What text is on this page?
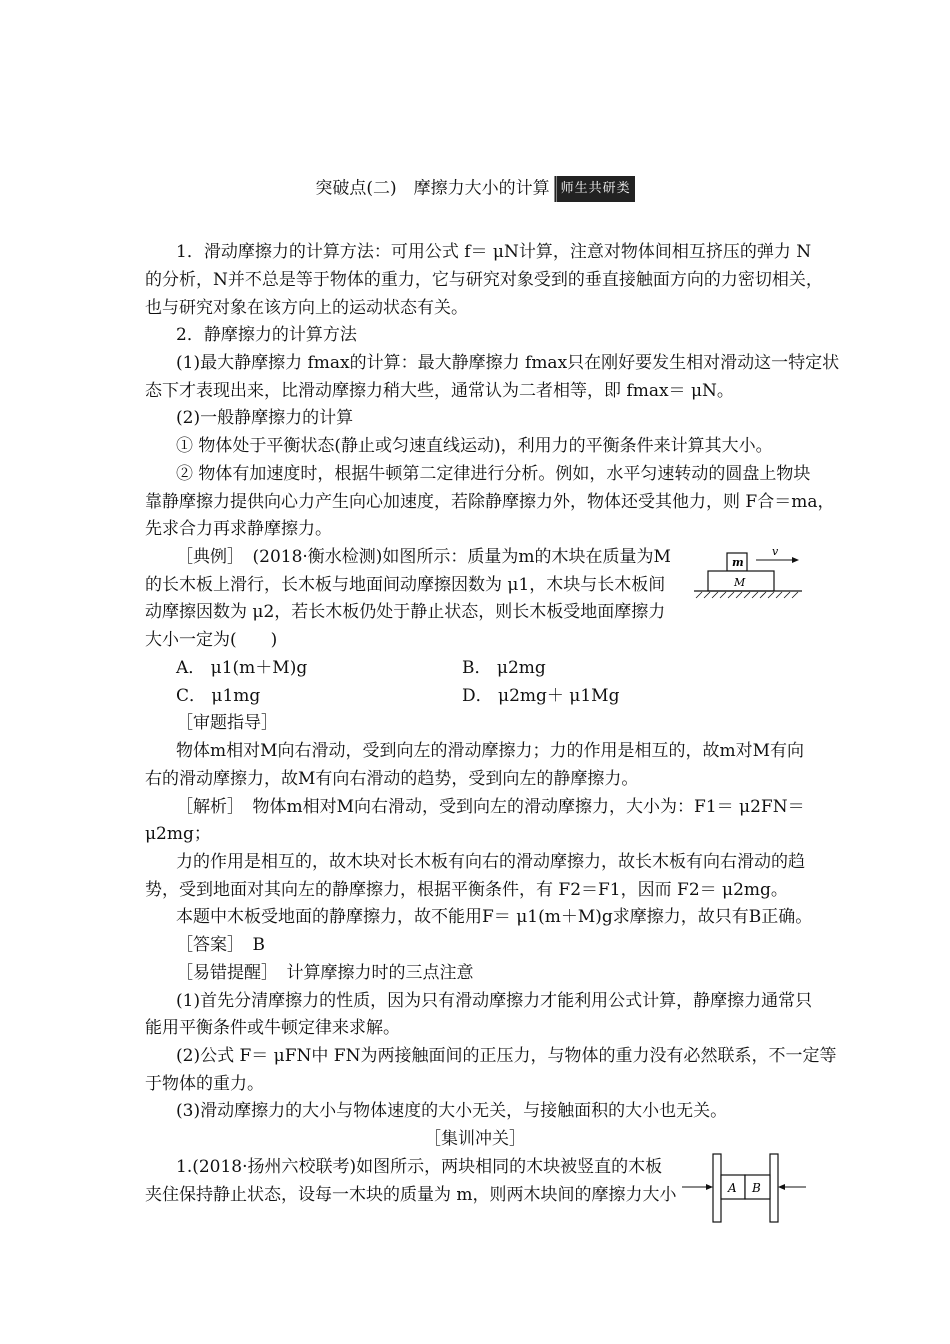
突破点(二)　摩擦力大小的计算 师生共研类
1．滑动摩擦力的计算方法：可用公式 f＝ μN计算，注意对物体间相互挤压的弹力 N
的分析，N并不总是等于物体的重力，它与研究对象受到的垂直接触面方向的力密切相关，
也与研究对象在该方向上的运动状态有关。
2．静摩擦力的计算方法
(1)最大静摩擦力 fmax的计算：最大静摩擦力 fmax只在刚好要发生相对滑动这一特定状
态下才表现出来，比滑动摩擦力稍大些，通常认为二者相等，即 fmax＝ μN。
(2)一般静摩擦力的计算
① 物体处于平衡状态(静止或匀速直线运动)，利用力的平衡条件来计算其大小。
② 物体有加速度时，根据牛顿第二定律进行分析。例如，水平匀速转动的圆盘上物块
靠静摩擦力提供向心力产生向心加速度，若除静摩擦力外，物体还受其他力，则 F合＝ma，
先求合力再求静摩擦力。
［典例］　(2018·衡水检测)如图所示：质量为m的木块在质量为M
的长木板上滑行，长木板与地面间动摩擦因数为 μ1，木块与长木板间
动摩擦因数为 μ2，若长木板仍处于静止状态，则长木板受地面摩擦力
大小一定为(　　)
m
M
v
A． μ1(m＋M)g	B． μ2mg
C． μ1mg	D． μ2mg＋ μ1Mg
［审题指导］
物体m相对M向右滑动，受到向左的滑动摩擦力；力的作用是相互的，故m对M有向
右的滑动摩擦力，故M有向右滑动的趋势，受到向左的静摩擦力。
［解析］　物体m相对M向右滑动，受到向左的滑动摩擦力，大小为：F1＝ μ2FN＝
μ2mg；
力的作用是相互的，故木块对长木板有向右的滑动摩擦力，故长木板有向右滑动的趋
势，受到地面对其向左的静摩擦力，根据平衡条件，有 F2＝F1，因而 F2＝ μ2mg。
本题中木板受地面的静摩擦力，故不能用F＝ μ1(m＋M)g求摩擦力，故只有B正确。
［答案］　B
［易错提醒］　计算摩擦力时的三点注意
(1)首先分清摩擦力的性质，因为只有滑动摩擦力才能利用公式计算，静摩擦力通常只
能用平衡条件或牛顿定律来求解。
(2)公式 F＝ μFN中 FN为两接触面间的正压力，与物体的重力没有必然联系，不一定等
于物体的重力。
(3)滑动摩擦力的大小与物体速度的大小无关，与接触面积的大小也无关。
［集训冲关］
1.(2018·扬州六校联考)如图所示，两块相同的木块被竖直的木板
夹住保持静止状态，设每一木块的质量为 m，则两木块间的摩擦力大小	A B
